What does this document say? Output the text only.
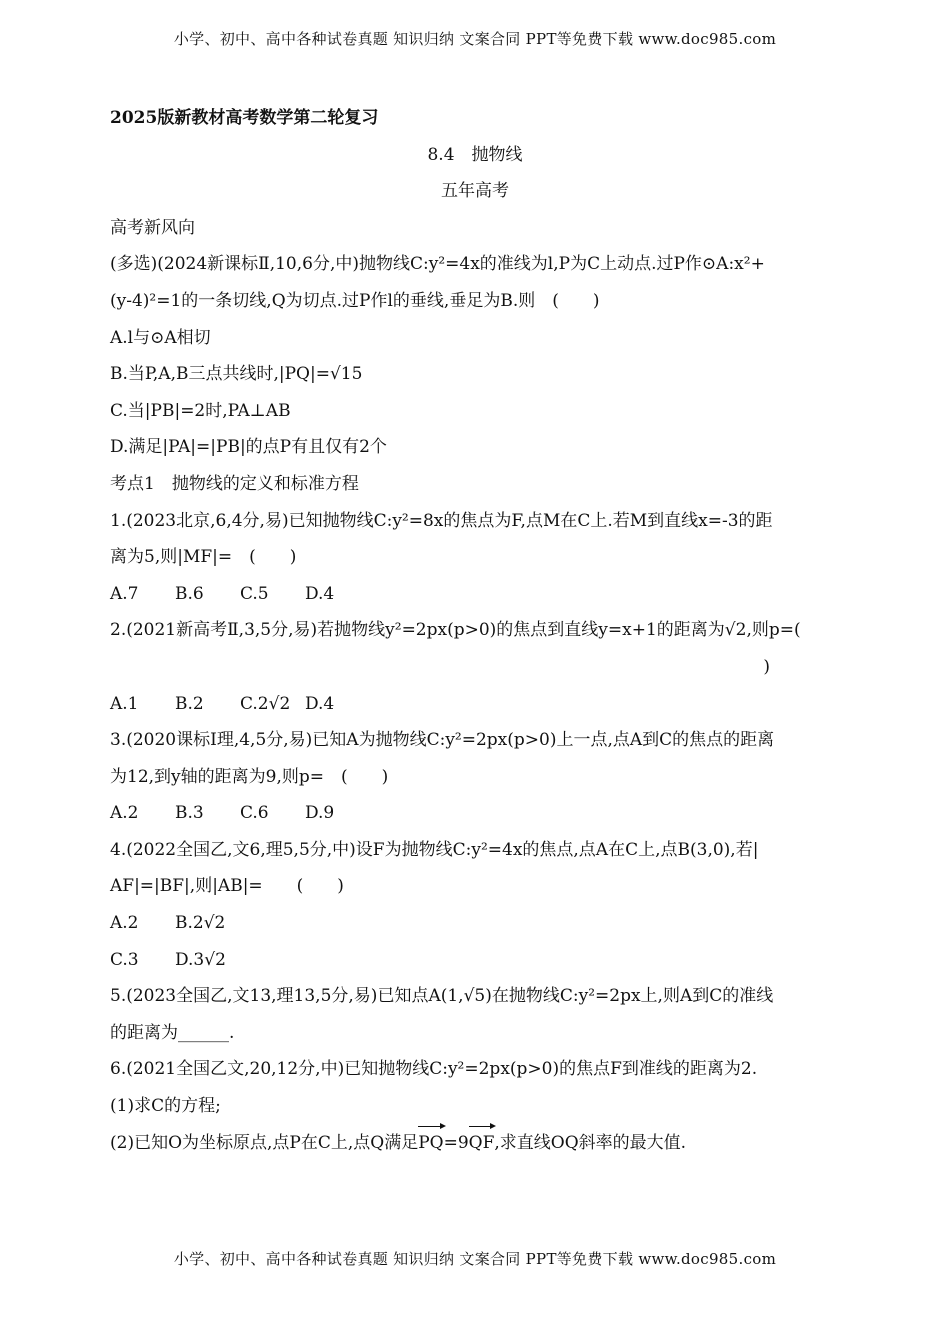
小学、初中、高中各种试卷真题 知识归纳 文案合同 PPT等免费下载 www.doc985.com
2025版新教材高考数学第二轮复习
8.4　抛物线
五年高考
高考新风向
(多选)(2024新课标Ⅱ,10,6分,中)抛物线C:y²=4x的准线为l,P为C上动点.过P作⊙A:x²+
(y-4)²=1的一条切线,Q为切点.过P作l的垂线,垂足为B.则　(　　)
A.l与⊙A相切
B.当P,A,B三点共线时,|PQ|=√15
C.当|PB|=2时,PA⊥AB
D.满足|PA|=|PB|的点P有且仅有2个
考点1　抛物线的定义和标准方程
1.(2023北京,6,4分,易)已知抛物线C:y²=8x的焦点为F,点M在C上.若M到直线x=-3的距
离为5,则|MF|=　(　　)
A.7 B.6 C.5 D.4
2.(2021新高考Ⅱ,3,5分,易)若抛物线y²=2px(p>0)的焦点到直线y=x+1的距离为√2,则p=(
)
A.1 B.2 C.2√2 D.4
3.(2020课标Ⅰ理,4,5分,易)已知A为抛物线C:y²=2px(p>0)上一点,点A到C的焦点的距离
为12,到y轴的距离为9,则p=　(　　)
A.2 B.3 C.6 D.9
4.(2022全国乙,文6,理5,5分,中)设F为抛物线C:y²=4x的焦点,点A在C上,点B(3,0),若|
AF|=|BF|,则|AB|=　　(　　)
A.2 B.2√2
C.3 D.3√2
5.(2023全国乙,文13,理13,5分,易)已知点A(1,√5)在抛物线C:y²=2px上,则A到C的准线
的距离为______.
6.(2021全国乙文,20,12分,中)已知抛物线C:y²=2px(p>0)的焦点F到准线的距离为2.
(1)求C的方程;
(2)已知O为坐标原点,点P在C上,点Q满足PQ=9QF,求直线OQ斜率的最大值.
小学、初中、高中各种试卷真题 知识归纳 文案合同 PPT等免费下载 www.doc985.com
